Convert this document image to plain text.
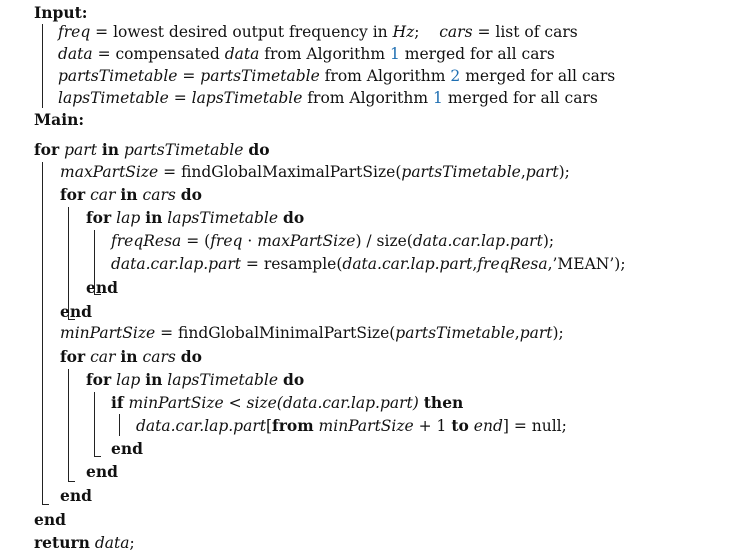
Input:
freq = lowest desired output frequency in Hz; cars = list of cars
data = compensated data from Algorithm 1 merged for all cars
partsTimetable = partsTimetable from Algorithm 2 merged for all cars
lapsTimetable = lapsTimetable from Algorithm 1 merged for all cars
Main:
for part in partsTimetable do
maxPartSize = findGlobalMaximalPartSize(partsTimetable,part);
for car in cars do
for lap in lapsTimetable do
freqResa = (freq · maxPartSize) / size(data.car.lap.part);
data.car.lap.part = resample(data.car.lap.part,freqResa,’MEAN’);
end
end
minPartSize = findGlobalMinimalPartSize(partsTimetable,part);
for car in cars do
for lap in lapsTimetable do
if minPartSize < size(data.car.lap.part) then
data.car.lap.part[from minPartSize + 1 to end] = null;
end
end
end
end
return data;
